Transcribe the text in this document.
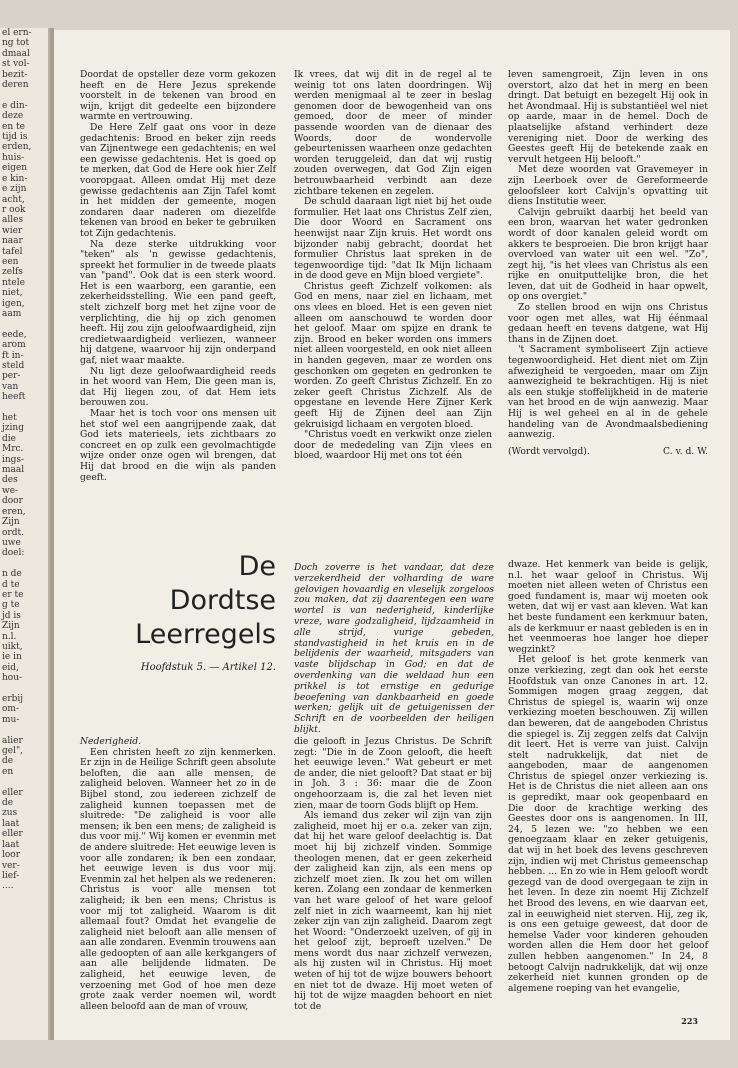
el ern-

ng tot

dmaal

st vol-

bezit-

deren

e din-

deze

en te

tijd is

erden,

huis-

eigen

e kin-

e zijn

acht,

r ook

alles

wier

naar

tafel

een

zelfs

ntele

niet,

igen,

aam

eede,

arom

ft in-

steld

per-

van

heeft

het

jzing

die

Mrc.

ings-

maal

des

we-

door

eren,

Zijn

ordt.

uwe

doel:

n de

d te

er te

g te

jd is

Zijn

n.l.

uikt,

ie in

eid,

hou-

erbij

om-

mu-

alier

gel",

de

en

eller

de

zus

laat

eller

laat

loor

ver-

lief-

....

Doordat de opsteller deze vorm gekozen heeft en de Here Jezus sprekende voorstelt in de tekenen van brood en wijn, krijgt dit gedeelte een bijzondere warmte en vertrouwing.

De Here Zelf gaat ons voor in deze gedachtenis: Brood en beker zijn reeds van Zijnentwege een gedachtenis; en wel een gewisse gedachtenis. Het is goed op te merken, dat God de Here ook hier Zelf vooropgaat. Alleen omdat Hij met deze gewisse gedachtenis aan Zijn Tafel komt in het midden der gemeente, mogen zondaren daar naderen om diezelfde tekenen van brood en beker te gebruiken tot Zijn gedachtenis.

Na deze sterke uitdrukking voor "teken" als 'n gewisse gedachtenis, spreekt het formulier in de tweede plaats van "pand". Ook dat is een sterk woord. Het is een waarborg, een garantie, een zekerheidsstelling. Wie een pand geeft, stelt zichzelf borg met het zijne voor de verplichting, die hij op zich genomen heeft. Hij zou zijn geloofwaardigheid, zijn credietwaardigheid verliezen, wanneer hij datgene, waarvoor hij zijn onderpand gaf, niet waar maakte.

Nu ligt deze geloofwaardigheid reeds in het woord van Hem, Die geen man is, dat Hij liegen zou, of dat Hem iets berouwen zou.

Maar het is toch voor ons mensen uit het stof wel een aangrijpende zaak, dat God iets materieels, iets zichtbaars zo concreet en op zulk een gevolmachtigde wijze onder onze ogen wil brengen, dat Hij dat brood en die wijn als panden geeft.

Ik vrees, dat wij dit in de regel al te weinig tot ons laten doordringen. Wij werden menigmaal al te zeer in beslag genomen door de bewogenheid van ons gemoed, door de meer of minder passende woorden van de dienaar des Woords, door de wondervolle gebeurtenissen waarheen onze gedachten worden teruggeleid, dan dat wij rustig zouden overwegen, dat God Zijn eigen betrouwbaarheid verbindt aan deze zichtbare tekenen en zegelen.

De schuld daaraan ligt niet bij het oude formulier. Het laat ons Christus Zelf zien, Die door Woord en Sacrament ons heenwijst naar Zijn kruis. Het wordt ons bijzonder nabij gebracht, doordat het formulier Christus laat spreken in de tegenwoordige tijd: "dat Ik Mijn lichaam in de dood geve en Mijn bloed vergiete".

Christus geeft Zichzelf volkomen: als God en mens, naar ziel en lichaam, met ons vlees en bloed. Het is een geven niet alleen om aanschouwd te worden door het geloof. Maar om spijze en drank te zijn. Brood en beker worden ons immers niet alleen voorgesteld, en ook niet alleen in handen gegeven, maar ze worden ons geschonken om gegeten en gedronken te worden. Zo geeft Christus Zichzelf. En zo zeker geeft Christus Zichzelf. Als de opgestane en levende Here Zijner Kerk geeft Hij de Zijnen deel aan Zijn gekruisigd lichaam en vergoten bloed.

"Christus voedt en verkwikt onze zielen door de mededeling van Zijn vlees en bloed, waardoor Hij met ons tot één

leven samengroeit, Zijn leven in ons overstort, alzo dat het in merg en been dringt. Dat betuigt en bezegelt Hij ook in het Avondmaal. Hij is substantiëel wel niet op aarde, maar in de hemel. Doch de plaatselijke afstand verhindert deze vereniging niet. Door de werking des Geestes geeft Hij de betekende zaak en vervult hetgeen Hij belooft."

Met deze woorden vat Gravemeyer in zijn Leerboek over de Gereformeerde geloofsleer kort Calvijn's opvatting uit diens Institutie weer.

Calvijn gebruikt daarbij het beeld van een bron, waarvan het water gedronken wordt of door kanalen geleid wordt om akkers te besproeien. Die bron krijgt haar overvloed van water uit een wel. "Zo", zegt hij, "is het vlees van Christus als een rijke en onuitputtelijke bron, die het leven, dat uit de Godheid in haar opwelt, op ons overgiet."

Zo stellen brood en wijn ons Christus voor ogen met alles, wat Hij éénmaal gedaan heeft en tevens datgene, wat Hij thans in de Zijnen doet.

't Sacrament symboliseert Zijn actieve tegenwoordigheid. Het dient niet om Zijn afwezigheid te vergoeden, maar om Zijn aanwezigheid te bekrachtigen. Hij is niet als een stukje stoffelijkheid in de materie van het brood en de wijn aanwezig. Maar Hij is wel geheel en al in de gehele handeling van de Avondmaalsbediening aanwezig.

(Wordt vervolgd).	C. v. d. W.
De
Dordtse
Leerregels
Hoofdstuk 5. — Artikel 12.
Doch zoverre is het vandaar, dat deze verzekerdheid der volharding de ware gelovigen hovaardig en vleselijk zorgeloos zou maken, dat zij daarentegen een ware wortel is van nederigheid, kinderlijke vreze, ware godzaligheid, lijdzaamheid in alle strijd, vurige gebeden, standvastigheid in het kruis en in de belijdenis der waarheid, mitsgaders van vaste blijdschap in God; en dat de overdenking van die weldaad hun een prikkel is tot ernstige en gedurige beoefening van dankbaarheid en goede werken; gelijk uit de getuigenissen der Schrift en de voorbeelden der heiligen blijkt.

Nederigheid.

Een christen heeft zo zijn kenmerken. Er zijn in de Heilige Schrift geen absolute beloften, die aan alle mensen, de zaligheid beloven. Wanneer het zo in de Bijbel stond, zou iedereen zichzelf de zaligheid kunnen toepassen met de sluitrede: "De zaligheid is voor alle mensen; ik ben een mens; de zaligheid is dus voor mij." Wij komen er evenmin met de andere sluitrede: Het eeuwige leven is voor alle zondaren; ik ben een zondaar, het eeuwige leven is dus voor mij. Evenmin zal het helpen als we redeneren: Christus is voor alle mensen tot zaligheid; ik ben een mens; Christus is voor mij tot zaligheid. Waarom is dit allemaal fout? Omdat het evangelie de zaligheid niet belooft aan alle mensen of aan alle zondaren. Evenmin trouwens aan alle gedoopten of aan alle kerkgangers of aan alle belijdende lidmaten. De zaligheid, het eeuwige leven, de verzoening met God of hoe men deze grote zaak verder noemen wil, wordt alleen beloofd aan de man of vrouw,

die gelooft in Jezus Christus. De Schrift zegt: "Die in de Zoon gelooft, die heeft het eeuwige leven." Wat gebeurt er met de ander, die niet gelooft? Dat staat er bij in Joh. 3 : 36: maar die de Zoon ongehoorzaam is, die zal het leven niet zien, maar de toorn Gods blijft op Hem.

Als iemand dus zeker wil zijn van zijn zaligheid, moet hij er o.a. zeker van zijn, dat hij het ware geloof deelachtig is. Dat moet hij bij zichzelf vinden. Sommige theologen menen, dat er geen zekerheid der zaligheid kan zijn, als een mens op zichzelf moet zien. Ik zou het om willen keren. Zolang een zondaar de kenmerken van het ware geloof of het ware geloof zelf niet in zich waarneemt, kan hij niet zeker zijn van zijn zaligheid. Daarom zegt het Woord: "Onderzoekt uzelven, of gij in het geloof zijt, beproeft uzelven." De mens wordt dus naar zichzelf verwezen, als hij zusten wil in Christus. Hij moet weten of hij tot de wijze bouwers behoort en niet tot de dwaze. Hij moet weten of hij tot de wijze maagden behoort en niet tot de

dwaze. Het kenmerk van beide is gelijk, n.l. het waar geloof in Christus. Wij moeten niet alleen weten of Christus een goed fundament is, maar wij moeten ook weten, dat wij er vast aan kleven. Wat kan het beste fundament een kerkmuur baten, als de kerkmuur er naast gebleden is en in het veenmoeras hoe langer hoe dieper wegzinkt?

Het geloof is het grote kenmerk van onze verkiezing, zegt dan ook het eerste Hoofdstuk van onze Canones in art. 12. Sommigen mogen graag zeggen, dat Christus de spiegel is, waarin wij onze verkiezing moeten beschouwen. Zij willen dan beweren, dat de aangeboden Christus die spiegel is. Zij zeggen zelfs dat Calvijn dit leert. Het is verre van juist. Calvijn stelt nadrukkelijk, dat niet de aangeboden, maar de aangenomen Christus de spiegel onzer verkiezing is. Het is de Christus die niet alleen aan ons is gepredikt, maar ook geopenbaard en Die door de krachtige werking des Geestes door ons is aangenomen. In III, 24, 5 lezen we: "zo hebben we een genoegzaam klaar en zeker getuigenis, dat wij in het boek des levens geschreven zijn, indien wij met Christus gemeenschap hebben. ... En zo wie in Hem gelooft wordt gezegd van de dood overgegaan te zijn in het leven. In deze zin noemt Hij Zichzelf het Brood des levens, en wie daarvan eet, zal in eeuwigheid niet sterven. Hij, zeg ik, is ons een getuige geweest, dat door de hemelse Vader voor kinderen gehouden worden allen die Hem door het geloof zullen hebben aangenomen." In 24, 8 betoogt Calvijn nadrukkelijk, dat wij onze zekerheid niet kunnen gronden op de algemene roeping van het evangelie,

223
